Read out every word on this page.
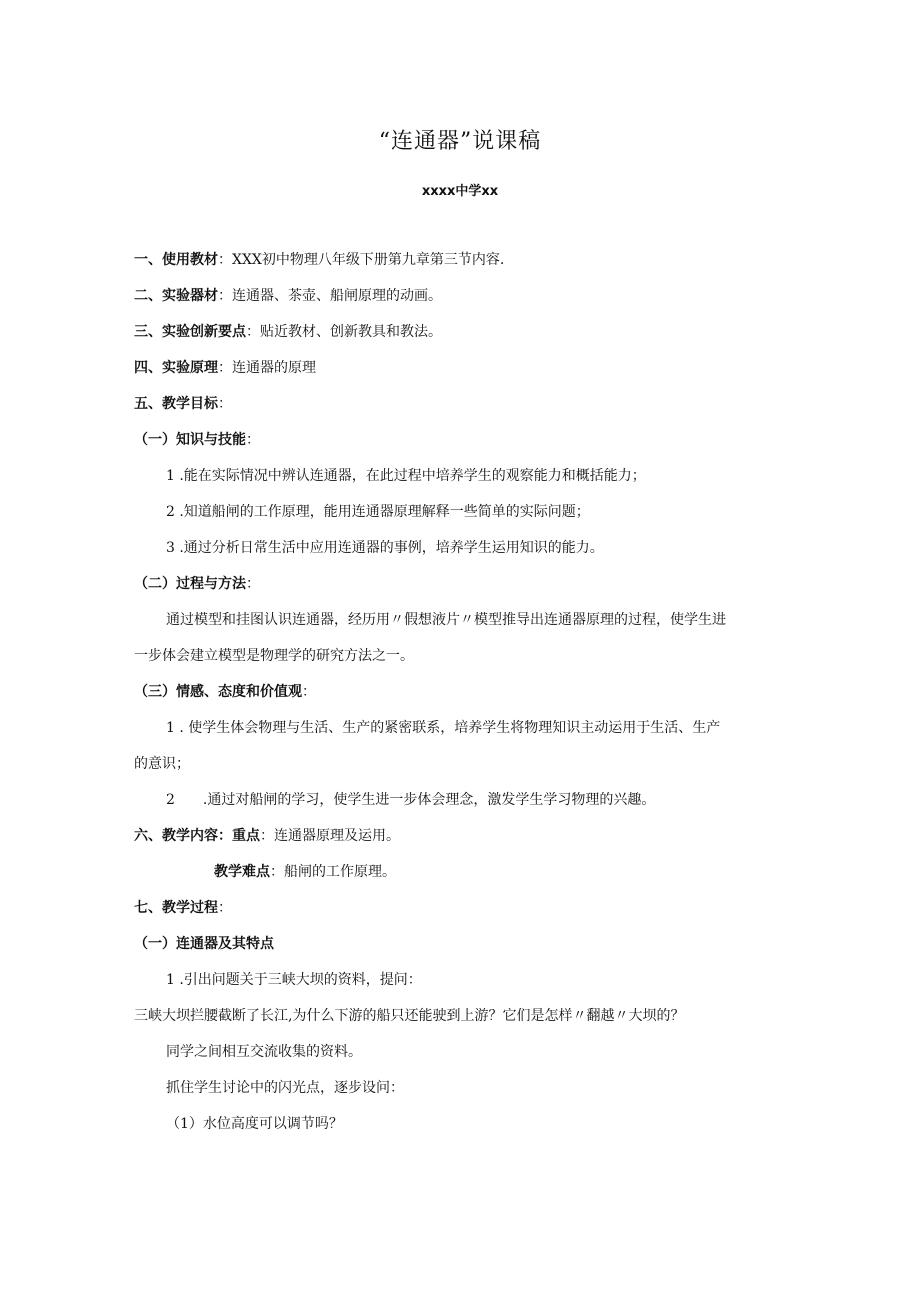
“连通器”说课稿
xxxx中学xx
一、使用教材：XXX初中物理八年级下册第九章第三节内容.
二、实验器材：连通器、茶壶、船闸原理的动画。
三、实验创新要点：贴近教材、创新教具和教法。
四、实验原理：连通器的原理
五、教学目标：
（一）知识与技能：
1 .能在实际情况中辨认连通器，在此过程中培养学生的观察能力和概括能力；
2 .知道船闸的工作原理，能用连通器原理解释一些简单的实际问题；
3 .通过分析日常生活中应用连通器的事例，培养学生运用知识的能力。
（二）过程与方法：
通过模型和挂图认识连通器，经历用〃假想液片〃模型推导出连通器原理的过程，使学生进
一步体会建立模型是物理学的研究方法之一。
（三）情感、态度和价值观：
1 . 使学生体会物理与生活、生产的紧密联系，培养学生将物理知识主动运用于生活、生产
的意识；
2　　.通过对船闸的学习，使学生进一步体会理念，激发学生学习物理的兴趣。
六、教学内容：重点：连通器原理及运用。
教学难点：船闸的工作原理。
七、教学过程：
（一）连通器及其特点
1 .引出问题关于三峡大坝的资料，提问：
三峡大坝拦腰截断了长江,为什么下游的船只还能驶到上游？它们是怎样〃翻越〃大坝的？
同学之间相互交流收集的资料。
抓住学生讨论中的闪光点，逐步设问：
（1）水位高度可以调节吗？
